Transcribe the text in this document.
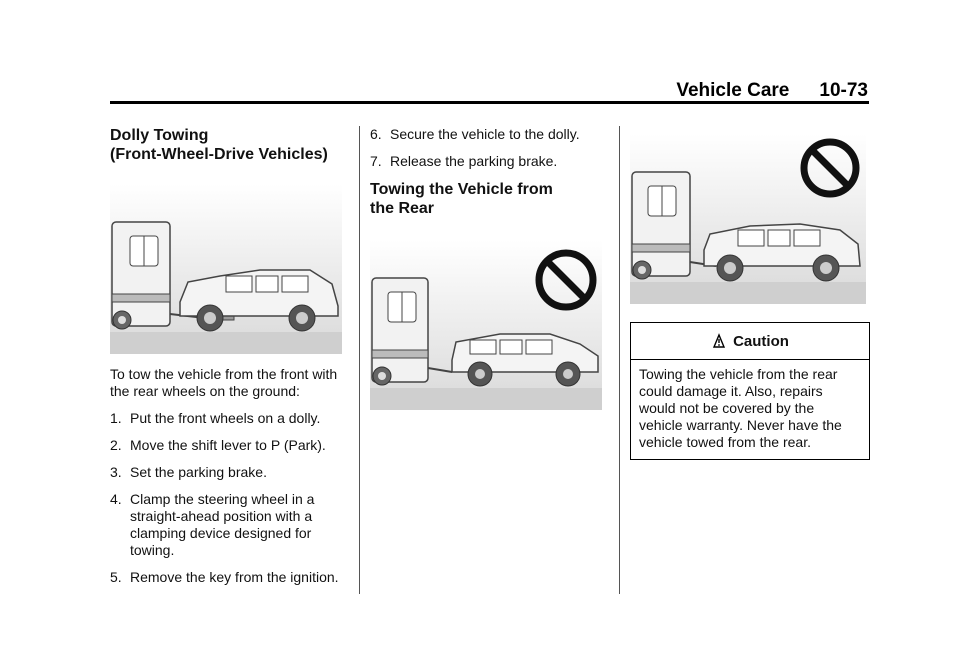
Vehicle Care 10-73
Dolly Towing
(Front-Wheel-Drive Vehicles)

To tow the vehicle from the front with the rear wheels on the ground:

1. Put the front wheels on a dolly.
2. Move the shift lever to P (Park).
3. Set the parking brake.
4. Clamp the steering wheel in a straight-ahead position with a clamping device designed for towing.
5. Remove the key from the ignition.
6. Secure the vehicle to the dolly.
7. Release the parking brake.
Towing the Vehicle from
the Rear
Caution
Towing the vehicle from the rear could damage it. Also, repairs would not be covered by the vehicle warranty. Never have the vehicle towed from the rear.
